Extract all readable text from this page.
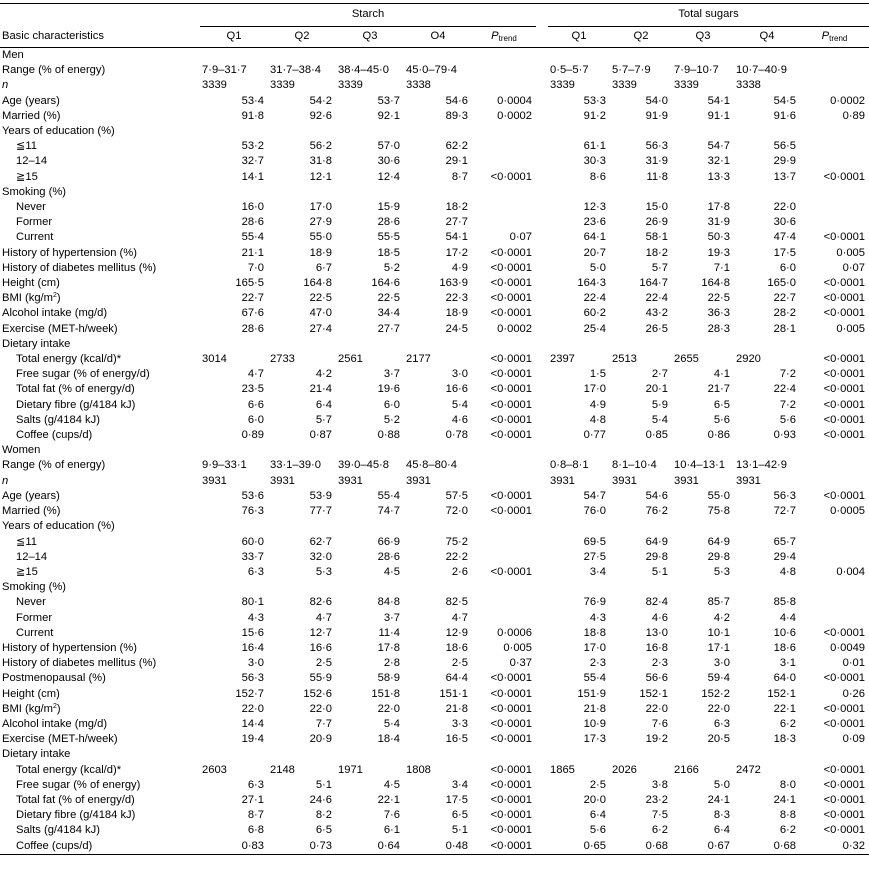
	Starch						Total sugars				
Basic characteristics	Q1	Q2	Q3	O4	$P_{trend}$		Q1	Q2	Q3	Q4	$P_{trend}$
Men											
Range (% of energy)	7·9–31·7	31·7–38·4	38·4–45·0	45·0–79·4			0·5–5·7	5·7–7·9	7·9–10·7	10·7–40·9	
n	3339	3339	3339	3338			3339	3339	3339	3338	
Age (years)	53·4	54·2	53·7	54·6	0·0004		53·3	54·0	54·1	54·5	0·0002
Married (%)	91·8	92·6	92·1	89·3	0·0002		91·2	91·9	91·1	91·6	0·89
Years of education (%)											
≦11	53·2	56·2	57·0	62·2			61·1	56·3	54·7	56·5	
12–14	32·7	31·8	30·6	29·1			30·3	31·9	32·1	29·9	
≧15	14·1	12·1	12·4	8·7	<0·0001		8·6	11·8	13·3	13·7	<0·0001
Smoking (%)											
Never	16·0	17·0	15·9	18·2			12·3	15·0	17·8	22·0	
Former	28·6	27·9	28·6	27·7			23·6	26·9	31·9	30·6	
Current	55·4	55·0	55·5	54·1	0·07		64·1	58·1	50·3	47·4	<0·0001
History of hypertension (%)	21·1	18·9	18·5	17·2	<0·0001		20·7	18·2	19·3	17·5	0·005
History of diabetes mellitus (%)	7·0	6·7	5·2	4·9	<0·0001		5·0	5·7	7·1	6·0	0·07
Height (cm)	165·5	164·8	164·6	163·9	<0·0001		164·3	164·7	164·8	165·0	<0·0001
BMI $(kg/m^2)$	22·7	22·5	22·5	22·3	<0·0001		22·4	22·4	22·5	22·7	<0·0001
Alcohol intake (mg/d)	67·6	47·0	34·4	18·9	<0·0001		60·2	43·2	36·3	28·2	<0·0001
Exercise (MET-h/week)	28·6	27·4	27·7	24·5	0·0002		25·4	26·5	28·3	28·1	0·005
Dietary intake											
Total energy (kcal/d)*	3014	2733	2561	2177	<0·0001		2397	2513	2655	2920	<0·0001
Free sugar (% of energy/d)	4·7	4·2	3·7	3·0	<0·0001		1·5	2·7	4·1	7·2	<0·0001
Total fat (% of energy/d)	23·5	21·4	19·6	16·6	<0·0001		17·0	20·1	21·7	22·4	<0·0001
Dietary fibre (g/4184 kJ)	6·6	6·4	6·0	5·4	<0·0001		4·9	5·9	6·5	7·2	<0·0001
Salts (g/4184 kJ)	6·0	5·7	5·2	4·6	<0·0001		4·8	5·4	5·6	5·6	<0·0001
Coffee (cups/d)	0·89	0·87	0·88	0·78	<0·0001		0·77	0·85	0·86	0·93	<0·0001
Women											
Range (% of energy)	9·9–33·1	33·1–39·0	39·0–45·8	45·8–80·4			0·8–8·1	8·1–10·4	10·4–13·1	13·1–42·9	
n	3931	3931	3931	3931			3931	3931	3931	3931	
Age (years)	53·6	53·9	55·4	57·5	<0·0001		54·7	54·6	55·0	56·3	<0·0001
Married (%)	76·3	77·7	74·7	72·0	<0·0001		76·0	76·2	75·8	72·7	0·0005
Years of education (%)											
≦11	60·0	62·7	66·9	75·2			69·5	64·9	64·9	65·7	
12–14	33·7	32·0	28·6	22·2			27·5	29·8	29·8	29·4	
≧15	6·3	5·3	4·5	2·6	<0·0001		3·4	5·1	5·3	4·8	0·004
Smoking (%)											
Never	80·1	82·6	84·8	82·5			76·9	82·4	85·7	85·8	
Former	4·3	4·7	3·7	4·7			4·3	4·6	4·2	4·4	
Current	15·6	12·7	11·4	12·9	0·0006		18·8	13·0	10·1	10·6	<0·0001
History of hypertension (%)	16·4	16·6	17·8	18·6	0·005		17·0	16·8	17·1	18·6	0·0049
History of diabetes mellitus (%)	3·0	2·5	2·8	2·5	0·37		2·3	2·3	3·0	3·1	0·01
Postmenopausal (%)	56·3	55·9	58·9	64·4	<0·0001		55·4	56·6	59·4	64·0	<0·0001
Height (cm)	152·7	152·6	151·8	151·1	<0·0001		151·9	152·1	152·2	152·1	0·26
BMI $(kg/m^2)$	22·0	22·0	22·0	21·8	<0·0001		21·8	22·0	22·0	22·1	<0·0001
Alcohol intake (mg/d)	14·4	7·7	5·4	3·3	<0·0001		10·9	7·6	6·3	6·2	<0·0001
Exercise (MET-h/week)	19·4	20·9	18·4	16·5	<0·0001		17·3	19·2	20·5	18·3	0·09
Dietary intake											
Total energy (kcal/d)*	2603	2148	1971	1808	<0·0001		1865	2026	2166	2472	<0·0001
Free sugar (% of energy)	6·3	5·1	4·5	3·4	<0·0001		2·5	3·8	5·0	8·0	<0·0001
Total fat (% of energy/d)	27·1	24·6	22·1	17·5	<0·0001		20·0	23·2	24·1	24·1	<0·0001
Dietary fibre (g/4184 kJ)	8·7	8·2	7·6	6·5	<0·0001		6·4	7·5	8·3	8·8	<0·0001
Salts (g/4184 kJ)	6·8	6·5	6·1	5·1	<0·0001		5·6	6·2	6·4	6·2	<0·0001
Coffee (cups/d)	0·83	0·73	0·64	0·48	<0·0001		0·65	0·68	0·67	0·68	0·32
